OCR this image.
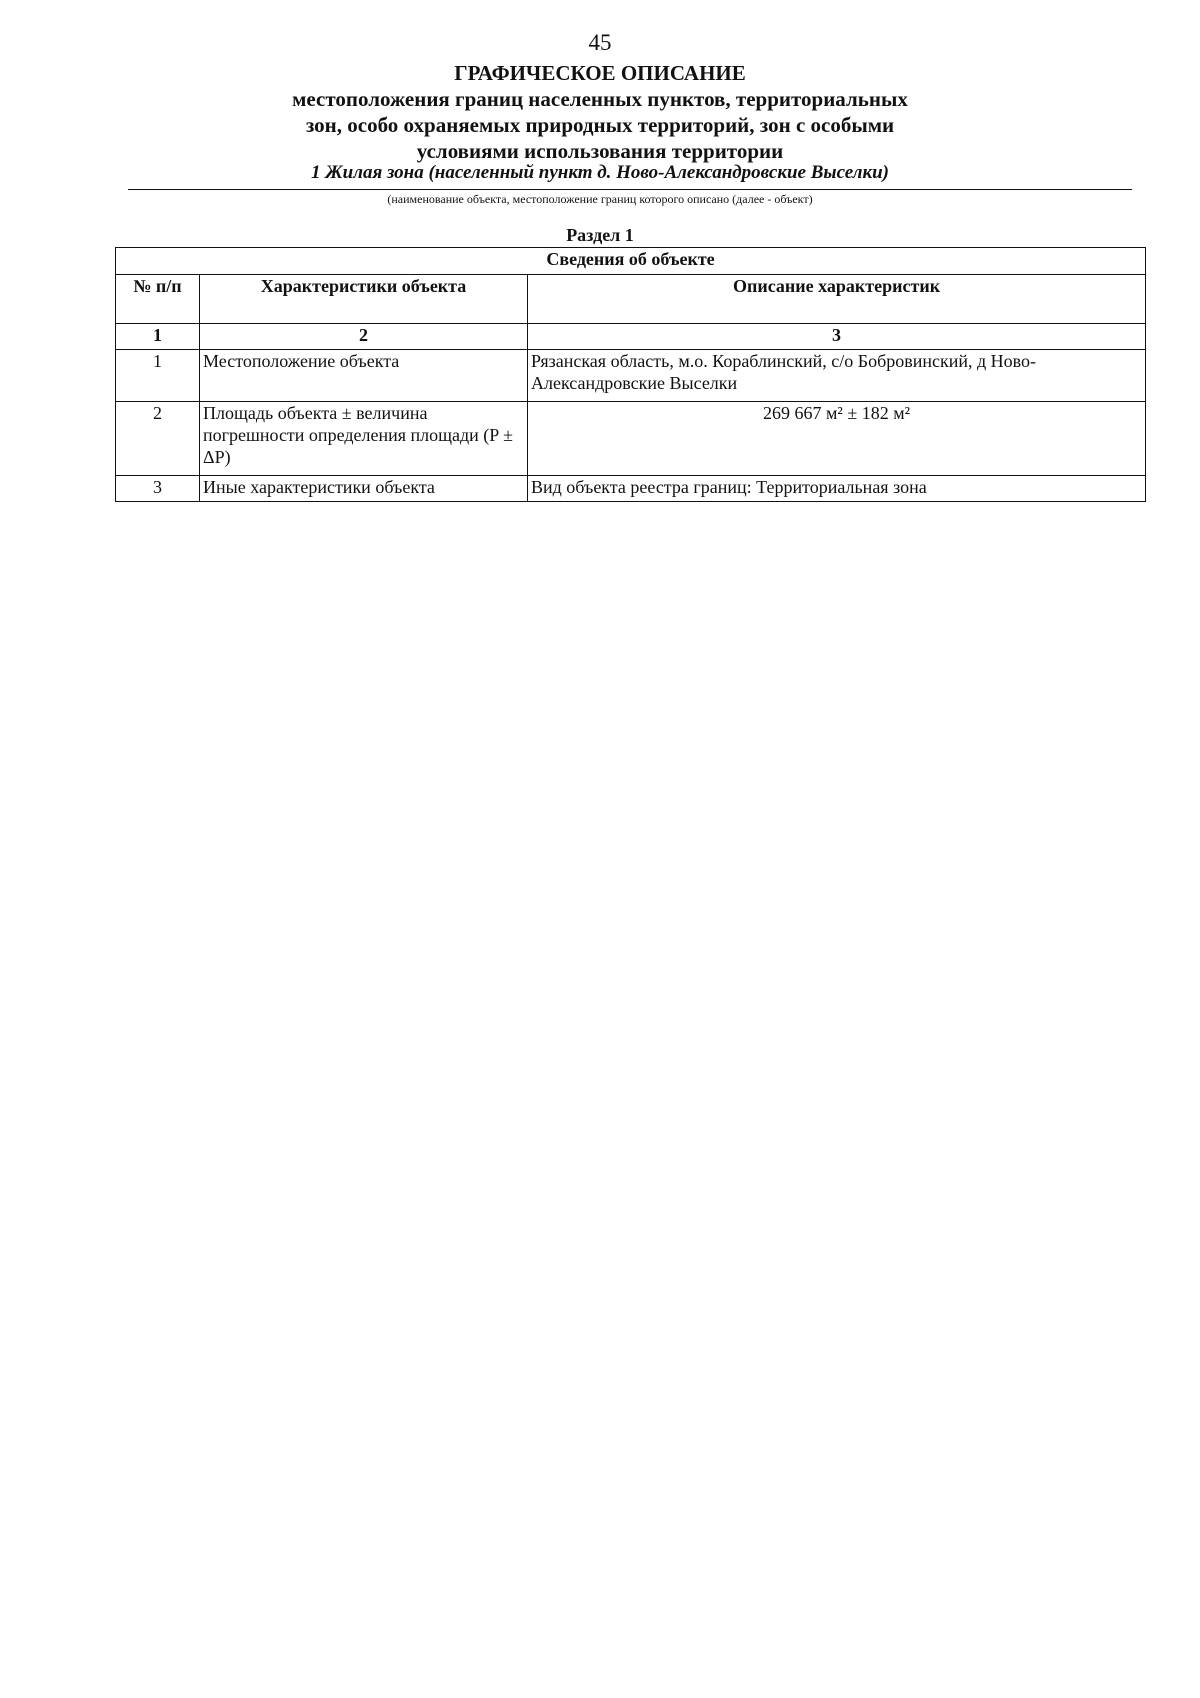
45
ГРАФИЧЕСКОЕ ОПИСАНИЕ
местоположения границ населенных пунктов, территориальных
зон, особо охраняемых природных территорий, зон с особыми
условиями использования территории
1 Жилая зона (населенный пункт д. Ново-Александровские Выселки)
(наименование объекта, местоположение границ которого описано (далее - объект)
Раздел 1
Сведения об объекте		
№ п/п	Характеристики объекта	Описание характеристик
1	2	3
1	Местоположение объекта	Рязанская область, м.о. Кораблинский, с/о Бобровинский, д Ново-Александровские Выселки
2	Площадь объекта ± величина погрешности определения площади (P ± ΔP)	269 667 м² ± 182 м²
3	Иные характеристики объекта	Вид объекта реестра границ: Территориальная зона
